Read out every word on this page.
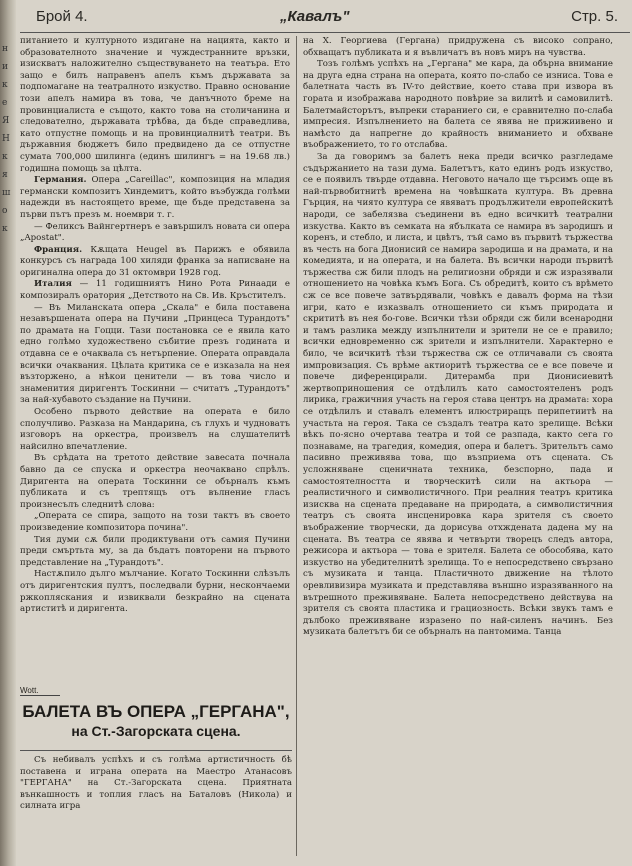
н
и
к
е
Я
Н
к
я
ш
о
к
Брой 4.	„Кавалъ"	Стр. 5.

питанието и културното издигане на нацията, както и образователното значение и чуждестранните връзки, изискватъ наложително съществуването на театъра. Ето защо е билъ направенъ апелъ къмъ държавата за подпомагане на театралното изкуство. Правно основание този апелъ намира въ това, че данъчното бреме на провинциалиста е същото, както това на столичанина и следователно, държавата трѣбва, да бъде справедлива, като отпустне помощь и на провинциалнитѣ театри. Въ държавния бюджетъ било предвидено да се отпустне сумата 700,000 шилинга (единъ шилингъ = на 19.68 лв.) годишна помощь за цѣлта.

Германия. Опера „Careillac", композиция на младия германски композитъ Хиндемитъ, който въэбужда голѣми надежди въ настоящето време, ще бъде представена за първи пътъ презъ м. ноември т. г.

— Феликсъ Вайнгертнеръ е завършилъ новата си опера „Apostat".

Франция. Кѫщата Heugel въ Парижъ е обявила конкурсъ съ награда 100 хиляди франка за написване на оригинална опера до 31 октомври 1928 год.

Италия — 11 годишниятъ Нино Рота Ринаади е композиралъ оратория „Детството на Св. Ив. Кръстителъ.

— Въ Миланската опера „Скала" е била поставена незавършената опера на Пучини „Принцеса Турандотъ" по драмата на Гоцци. Тази постановка се е явила като едно голѣмо художествено събитие презъ годината и отдавна се е очаквала съ нетърпение. Операта оправдала всички очаквания. Цѣлата критика се е изказала на нея възторжено, а нѣкои ценители — въ това число и знаменития диригентъ Тоскинни — считатъ „Турандотъ" за най-хубавото създание на Пучини.

Особено първото действие на операта е било сполучливо. Разказа на Мандарина, съ глухъ и чудноватъ изговоръ на оркестра, произвелъ на слушателитѣ найсилно впечатление.

Въ срѣдата на третото действие завесата почнала бавно да се спуска и оркестра неочаквано спрѣлъ. Диригента на операта Тоскинни се обърналъ къмъ публиката и съ трептящъ отъ вълнение гласъ произнесълъ следнитѣ слова:

„Операта се спира, защото на този тактъ въ своето произведение композитора почина".

Тия думи сѫ били продиктувани отъ самия Пучини преди смъртьта му, за да бъдатъ повторени на първото представление на „Турандотъ".

Настѫпило дълго мълчание. Когато Тоскинни слѣзълъ отъ диригентския пултъ, последвали бурни, нескончаеми ржкопляскания и извиквали безкрайно на сцената артиститѣ и диригента.

Wott.
БАЛЕТА ВЪ ОПЕРА „ГЕРГАНА",
на Ст.-Загорската сцена.

Съ небивалъ успѣхъ и съ голѣма артистичность бѣ поставена и играна операта на Маестро Атанасовъ "ГЕРГАНА" на Ст.-Загорската сцена. Приятната вънкашность и топлия гласъ на Баталовъ (Никола) и силната игра

на Х. Георгиева (Гергана) придружена съ високо сопрано, обхващатъ публиката и я въвличатъ въ новъ миръ на чувства.

Тозъ голѣмъ успѣхъ на „Гергана" ме кара, да обърна внимание на друга една страна на операта, която по-слабо се изниса. Това е балетната часть въ IV-то действие, което става при извора въ гората и изображава народното повѣрие за вилитѣ и самовилитѣ. Балетмайсторътъ, въпреки стараниего си, е сравнително по-слаба импресия. Изпълнението на балета се явява не прижиивено и намѣсто да напрегне до крайность вниманието и обхване въображението, то го отслабва.

За да говоримъ за балетъ нека преди всичко разгледаме съдържанието на тази дума. Балетътъ, като единъ родъ изкуство, се е появилъ твърде отдавна. Неговото начало ще търсимъ още въ най-първобитнитѣ времена на човѣшката култура. Въ древна Гърция, на чиято култура се явяватъ продължители европейскитѣ народи, се забелязва съединени въ едно всичкитѣ театрални изкуства. Както въ семката на ябълката се намира въ зародишъ и коренъ, и стебло, и листа, и цвѣтъ, тъй само въ първитѣ тържества въ честь на бога Дионисий се намира зародиша и на драмата, и на комедията, и на операта, и на балета. Въ всички народи първитѣ тържества сж били плодъ на религиозни обряди и сж изразявали отношението на човѣка къмъ Бога. Съ обредитѣ, които съ врѣмето сж се все повече затвърдявали, човѣкъ е давалъ форма на тѣзи игри, като е изказвалъ отношението си къмъ природата и скрититѣ въ нея бо-гове. Всички тѣзи обряди сж били всенародни и тамъ разлика между изпълнители и зрители не се е правило; всички едновременно сж зрители и изпълнители. Характерно е било, че всичкитѣ тѣзи тържества сж се отличавали съ своята импровизация. Съ врѣме актиоритѣ тържества се е все повече и повече диференцирали. Дитерамба при Дионисиевитѣ жертвоприношения се отдѣлилъ като самостоятеленъ родъ лирика, гражичния участь на героя става центръ на драмата: хора се отдѣлилъ и ставалъ елементъ илюстриращъ перипетиитѣ на участьта на героя. Така се създалъ театра като зрелище. Всѣки вѣкъ по-ясно очертава театра и той се разпада, както сега го познаваме, на трагедия, комедия, опера и балетъ. Зрительтъ само пасивно преживява това, що възприема отъ сцената. Съ усложняване сценичната техника, безспорно, пада и самостоятелността и творческитѣ сили на актьора — реалистичного и символистичного. При реалния театръ критика изисква на сцената предаване на природата, а символистичния театръ съ своята инсценировка кара зрителя съ своето въображение творчески, да дорисува отхждената дадена му на сцената. Въ театра се явява и четвърти творецъ следъ автора, режисора и актьора — това е зрителя. Балета се обособява, като изкуство на убедителнитѣ зрелища. То е непосредствено свързано съ музиката и танца. Пластичното движение на тѣлото оревливизира музиката и представлява външно изразяванного на вътрешното преживяване. Балета непосредствено действува на зрителя съ своята пластика и грациозность. Всѣки звукъ тамъ е дълбоко преживяване изразено по най-силенъ начинъ. Без музиката балетътъ би се обърналъ на пантомима. Танца
